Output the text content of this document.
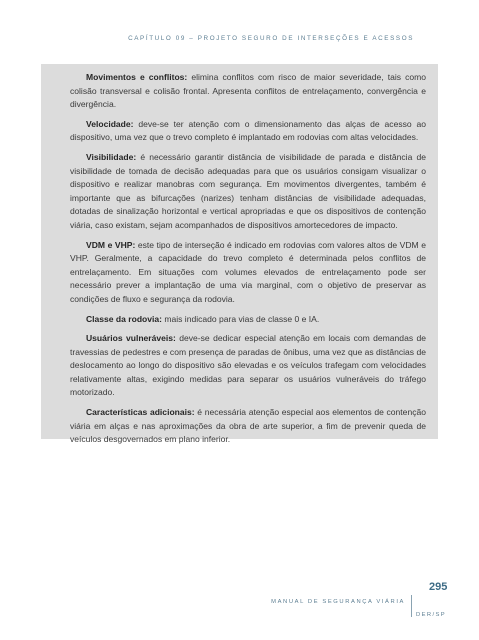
CAPÍTULO 09 – PROJETO SEGURO DE INTERSEÇÕES E ACESSOS

Movimentos e conflitos: elimina conflitos com risco de maior severidade, tais como colisão transversal e colisão frontal. Apresenta conflitos de entrelaçamento, convergência e divergência.

Velocidade: deve-se ter atenção com o dimensionamento das alças de acesso ao dispositivo, uma vez que o trevo completo é implantado em rodovias com altas velocidades.

Visibilidade: é necessário garantir distância de visibilidade de parada e distância de visibilidade de tomada de decisão adequadas para que os usuários consigam visualizar o dispositivo e realizar manobras com segurança. Em movimentos divergentes, também é importante que as bifurcações (narizes) tenham distâncias de visibilidade adequadas, dotadas de sinalização horizontal e vertical apropriadas e que os dispositivos de contenção viária, caso existam, sejam acompanhados de dispositivos amortecedores de impacto.

VDM e VHP: este tipo de interseção é indicado em rodovias com valores altos de VDM e VHP. Geralmente, a capacidade do trevo completo é determinada pelos conflitos de entrelaçamento. Em situações com volumes elevados de entrelaçamento pode ser necessário prever a implantação de uma via marginal, com o objetivo de preservar as condições de fluxo e segurança da rodovia.

Classe da rodovia: mais indicado para vias de classe 0 e IA.

Usuários vulneráveis: deve-se dedicar especial atenção em locais com demandas de travessias de pedestres e com presença de paradas de ônibus, uma vez que as distâncias de deslocamento ao longo do dispositivo são elevadas e os veículos trafegam com velocidades relativamente altas, exigindo medidas para separar os usuários vulneráveis do tráfego motorizado.

Características adicionais: é necessária atenção especial aos elementos de contenção viária em alças e nas aproximações da obra de arte superior, a fim de prevenir queda de veículos desgovernados em plano inferior.

295
MANUAL DE SEGURANÇA VIÁRIA
DER/SP
